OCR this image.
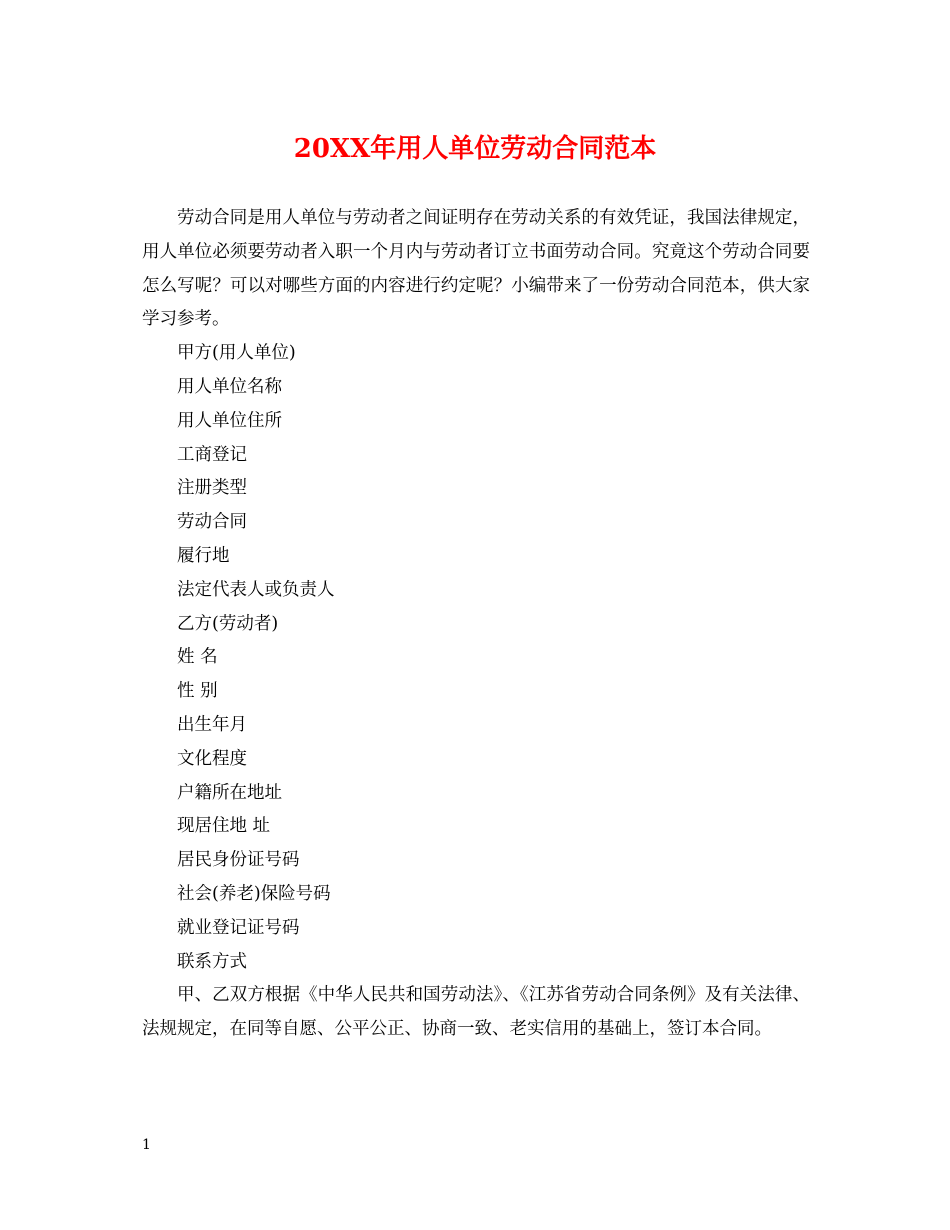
20XX年用人单位劳动合同范本

劳动合同是用人单位与劳动者之间证明存在劳动关系的有效凭证，我国法律规定，用人单位必须要劳动者入职一个月内与劳动者订立书面劳动合同。究竟这个劳动合同要怎么写呢？可以对哪些方面的内容进行约定呢？小编带来了一份劳动合同范本，供大家学习参考。

甲方(用人单位)

用人单位名称

用人单位住所

工商登记

注册类型

劳动合同

履行地

法定代表人或负责人

乙方(劳动者)

姓 名

性 别

出生年月

文化程度

户籍所在地址

现居住地 址

居民身份证号码

社会(养老)保险号码

就业登记证号码

联系方式

甲、乙双方根据《中华人民共和国劳动法》、《江苏省劳动合同条例》及有关法律、法规规定，在同等自愿、公平公正、协商一致、老实信用的基础上，签订本合同。

1
